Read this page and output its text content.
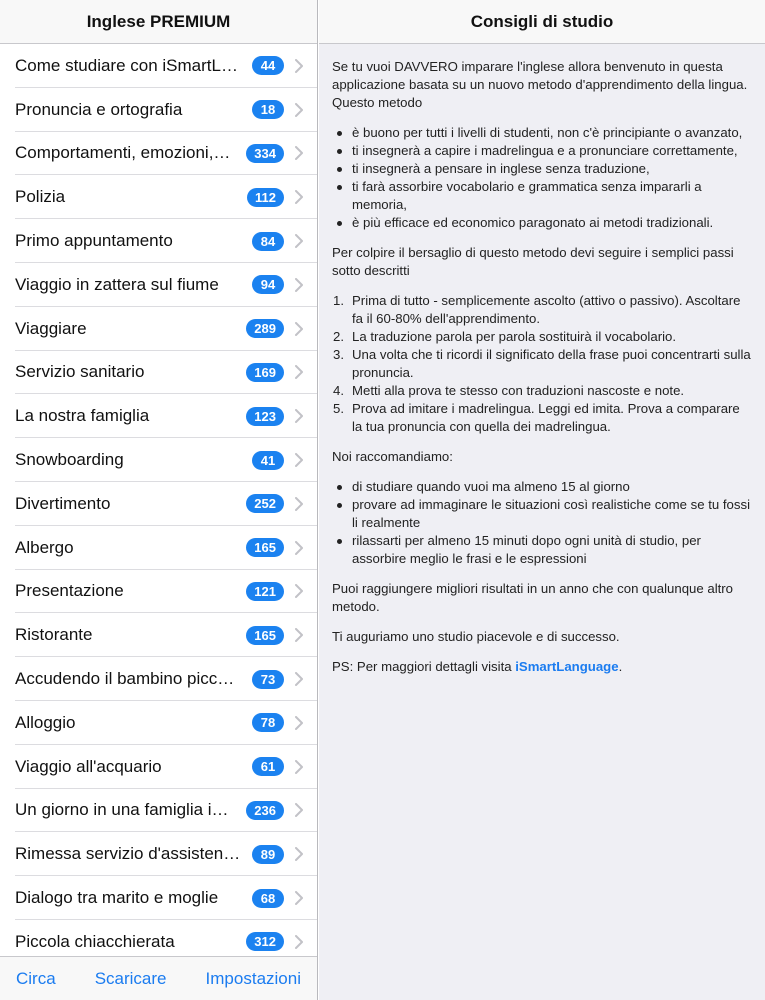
Inglese PREMIUM
Come studiare con iSmartL…	44
Pronuncia e ortografia	18
Comportamenti, emozioni,…	334
Polizia	112
Primo appuntamento	84
Viaggio in zattera sul fiume	94
Viaggiare	289
Servizio sanitario	169
La nostra famiglia	123
Snowboarding	41
Divertimento	252
Albergo	165
Presentazione	121
Ristorante	165
Accudendo il bambino picc…	73
Alloggio	78
Viaggio all'acquario	61
Un giorno in una famiglia i…	236
Rimessa servizio d'assisten…	89
Dialogo tra marito e moglie	68
Piccola chiacchierata	312
Circa Scaricare Impostazioni
Consigli di studio

Se tu vuoi DAVVERO imparare l'inglese allora benvenuto in questa applicazione basata su un nuovo metodo d'apprendimento della lingua. Questo metodo

è buono per tutti i livelli di studenti, non c'è principiante o avanzato,
ti insegnerà a capire i madrelingua e a pronunciare correttamente,
ti insegnerà a pensare in inglese senza traduzione,
ti farà assorbire vocabolario e grammatica senza impararli a memoria,
è più efficace ed economico paragonato ai metodi tradizionali.

Per colpire il bersaglio di questo metodo devi seguire i semplici passi sotto descritti

1. Prima di tutto - semplicemente ascolto (attivo o passivo). Ascoltare fa il 60-80% dell'apprendimento.
2. La traduzione parola per parola sostituirà il vocabolario.
3. Una volta che ti ricordi il significato della frase puoi concentrarti sulla pronuncia.
4. Metti alla prova te stesso con traduzioni nascoste e note.
5. Prova ad imitare i madrelingua. Leggi ed imita. Prova a comparare la tua pronuncia con quella dei madrelingua.

Noi raccomandiamo:

di studiare quando vuoi ma almeno 15 al giorno
provare ad immaginare le situazioni così realistiche come se tu fossi li realmente
rilassarti per almeno 15 minuti dopo ogni unità di studio, per assorbire meglio le frasi e le espressioni

Puoi raggiungere migliori risultati in un anno che con qualunque altro metodo.

Ti auguriamo uno studio piacevole e di successo.

PS: Per maggiori dettagli visita iSmartLanguage.
